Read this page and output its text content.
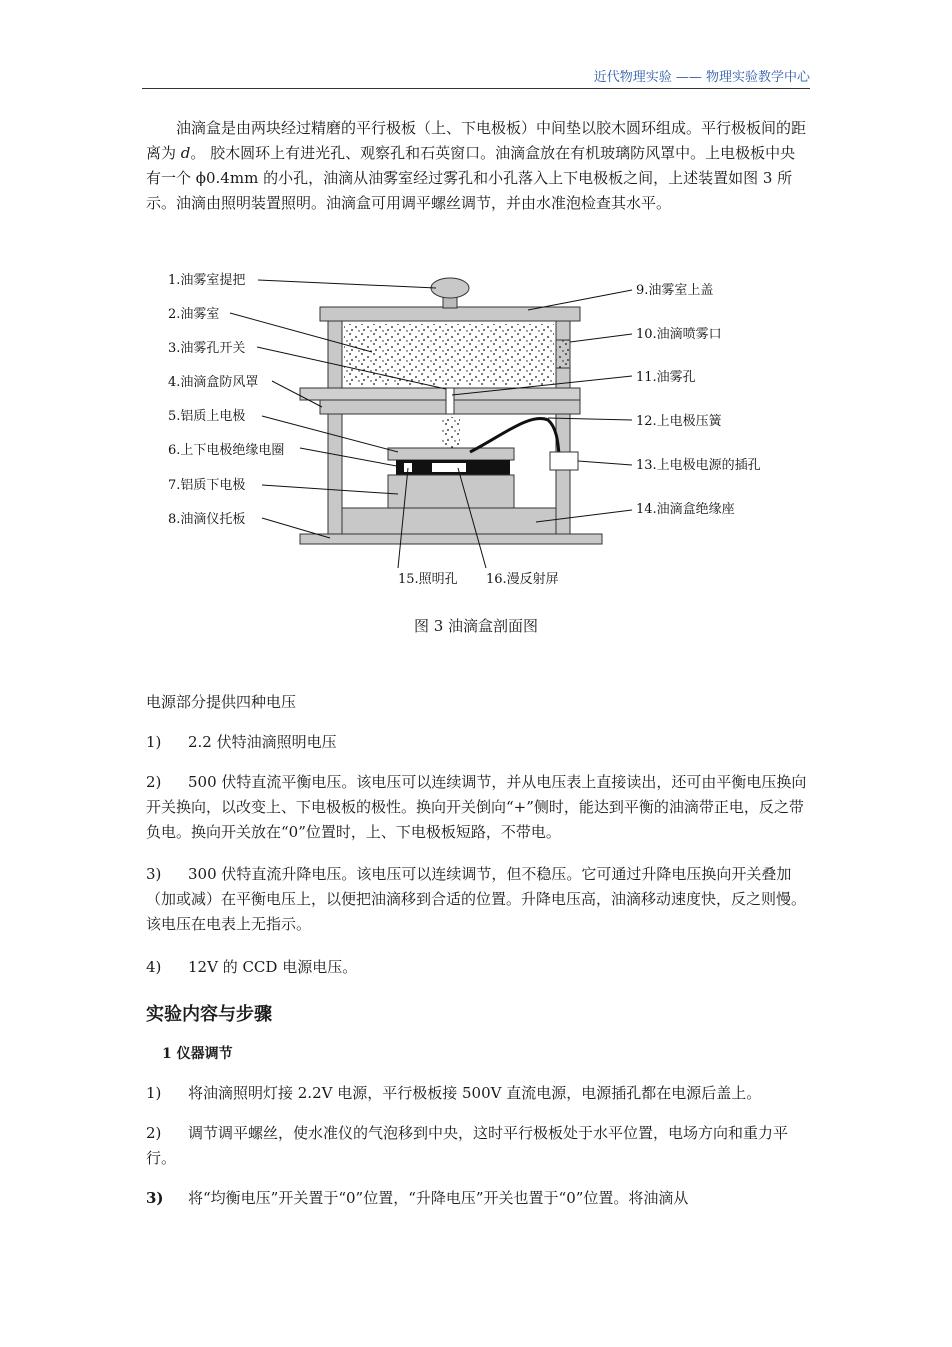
近代物理实验 —— 物理实验教学中心

油滴盒是由两块经过精磨的平行极板（上、下电极板）中间垫以胶木圆环组成。平行极板间的距离为 d。 胶木圆环上有进光孔、观察孔和石英窗口。油滴盒放在有机玻璃防风罩中。上电极板中央有一个 ϕ0.4mm 的小孔，油滴从油雾室经过雾孔和小孔落入上下电极板之间，上述装置如图 3 所示。油滴由照明装置照明。油滴盒可用调平螺丝调节，并由水准泡检查其水平。

1.油雾室提把
2.油雾室
3.油雾孔开关
4.油滴盒防风罩
5.铝质上电极
6.上下电极绝缘电圈
7.铝质下电极
8.油滴仪托板
9.油雾室上盖
10.油滴喷雾口
11.油雾孔
12.上电极压簧
13.上电极电源的插孔
14.油滴盒绝缘座
15.照明孔 16.漫反射屏
图 3 油滴盒剖面图

电源部分提供四种电压

1) 2.2 伏特油滴照明电压

2) 500 伏特直流平衡电压。该电压可以连续调节，并从电压表上直接读出，还可由平衡电压换向开关换向，以改变上、下电极板的极性。换向开关倒向“+”侧时，能达到平衡的油滴带正电，反之带负电。换向开关放在“0”位置时，上、下电极板短路，不带电。

3) 300 伏特直流升降电压。该电压可以连续调节，但不稳压。它可通过升降电压换向开关叠加（加或减）在平衡电压上，以便把油滴移到合适的位置。升降电压高，油滴移动速度快，反之则慢。该电压在电表上无指示。

4) 12V 的 CCD 电源电压。

实验内容与步骤
1 仪器调节

1) 将油滴照明灯接 2.2V 电源，平行极板接 500V 直流电源，电源插孔都在电源后盖上。

2) 调节调平螺丝，使水准仪的气泡移到中央，这时平行极板处于水平位置，电场方向和重力平行。

3) 将“均衡电压”开关置于“0”位置，“升降电压”开关也置于“0”位置。将油滴从
